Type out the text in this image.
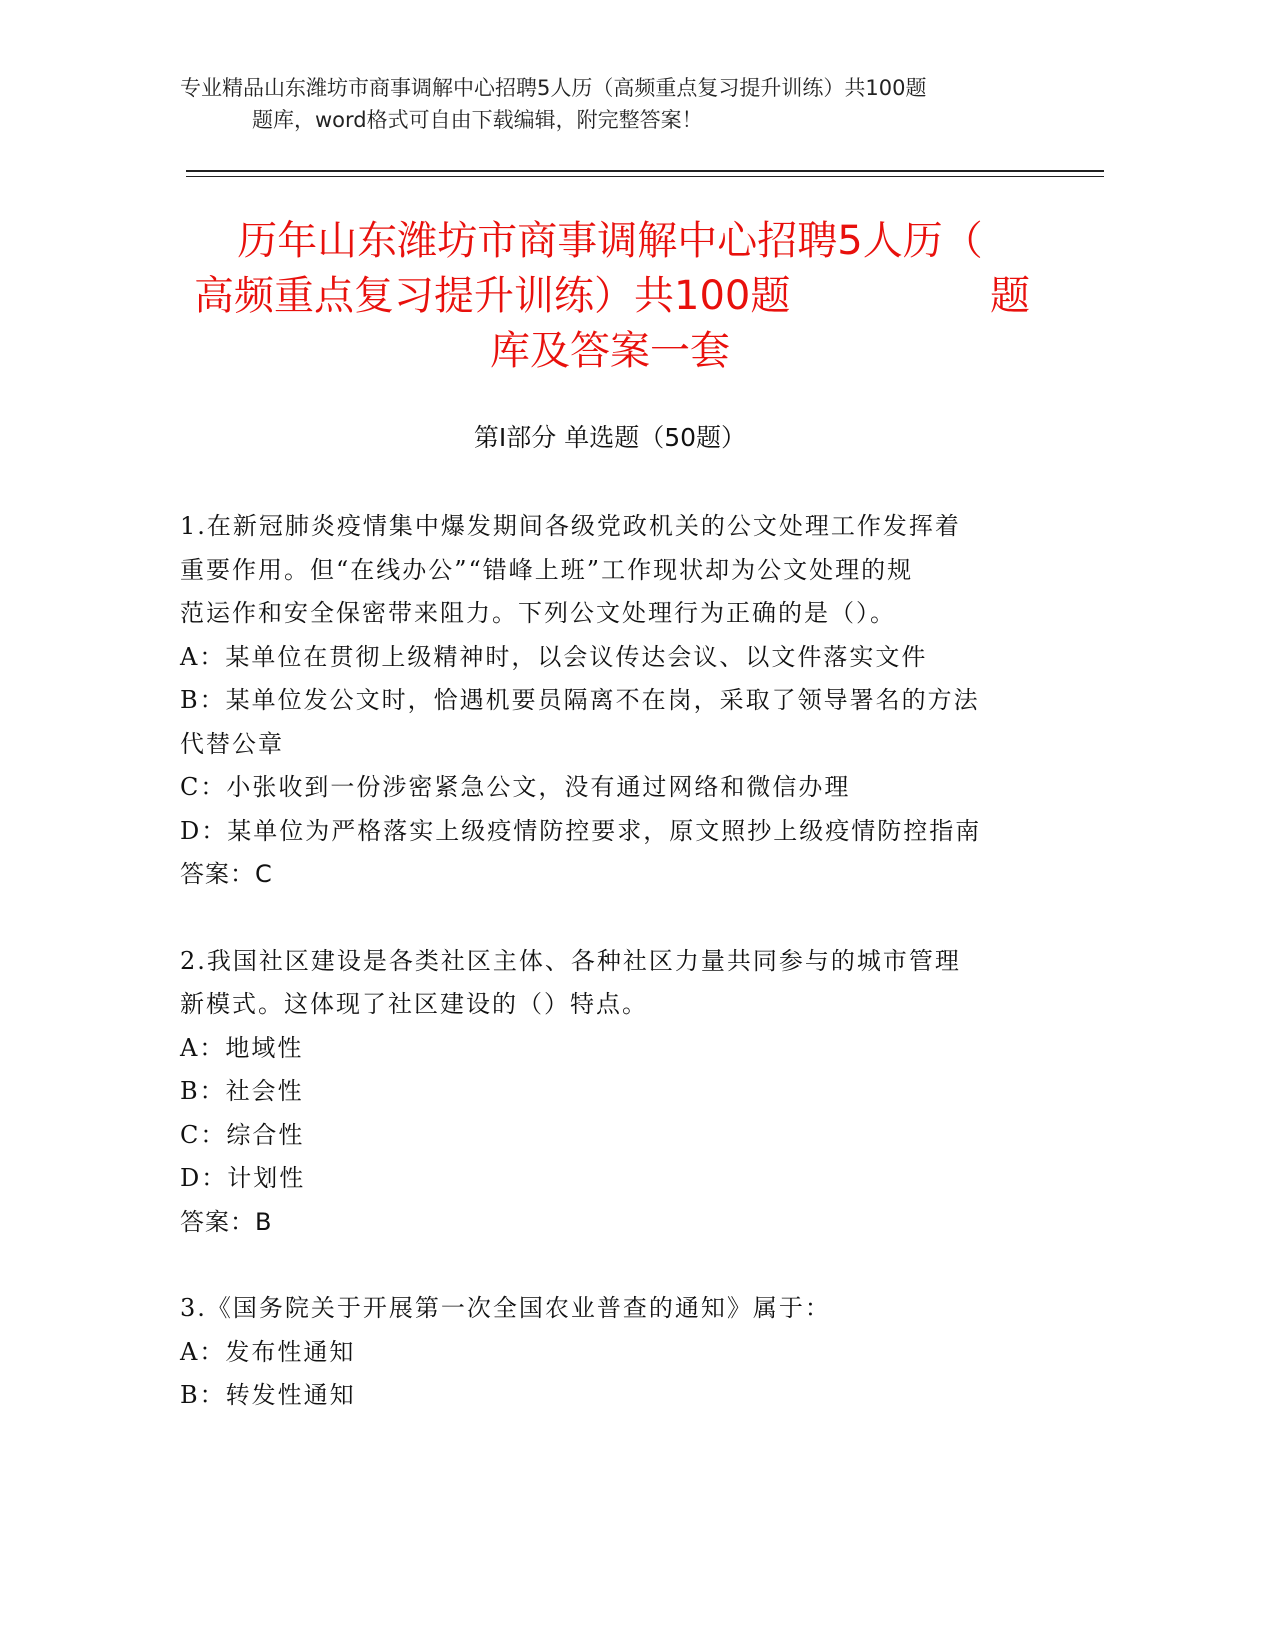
专业精品山东潍坊市商事调解中心招聘5人历（高频重点复习提升训练）共100题
题库，word格式可自由下载编辑，附完整答案！
历年山东潍坊市商事调解中心招聘5人历（
高频重点复习提升训练）共100题	题
库及答案一套
第Ⅰ部分 单选题（50题）

1.在新冠肺炎疫情集中爆发期间各级党政机关的公文处理工作发挥着

重要作用。但“在线办公”“错峰上班”工作现状却为公文处理的规

范运作和安全保密带来阻力。下列公文处理行为正确的是（）。

A：某单位在贯彻上级精神时，以会议传达会议、以文件落实文件

B：某单位发公文时，恰遇机要员隔离不在岗，采取了领导署名的方法

代替公章

C：小张收到一份涉密紧急公文，没有通过网络和微信办理

D：某单位为严格落实上级疫情防控要求，原文照抄上级疫情防控指南

答案：C

2.我国社区建设是各类社区主体、各种社区力量共同参与的城市管理

新模式。这体现了社区建设的（）特点。

A：地域性

B：社会性

C：综合性

D：计划性

答案：B

3.《国务院关于开展第一次全国农业普查的通知》属于：

A：发布性通知

B：转发性通知
